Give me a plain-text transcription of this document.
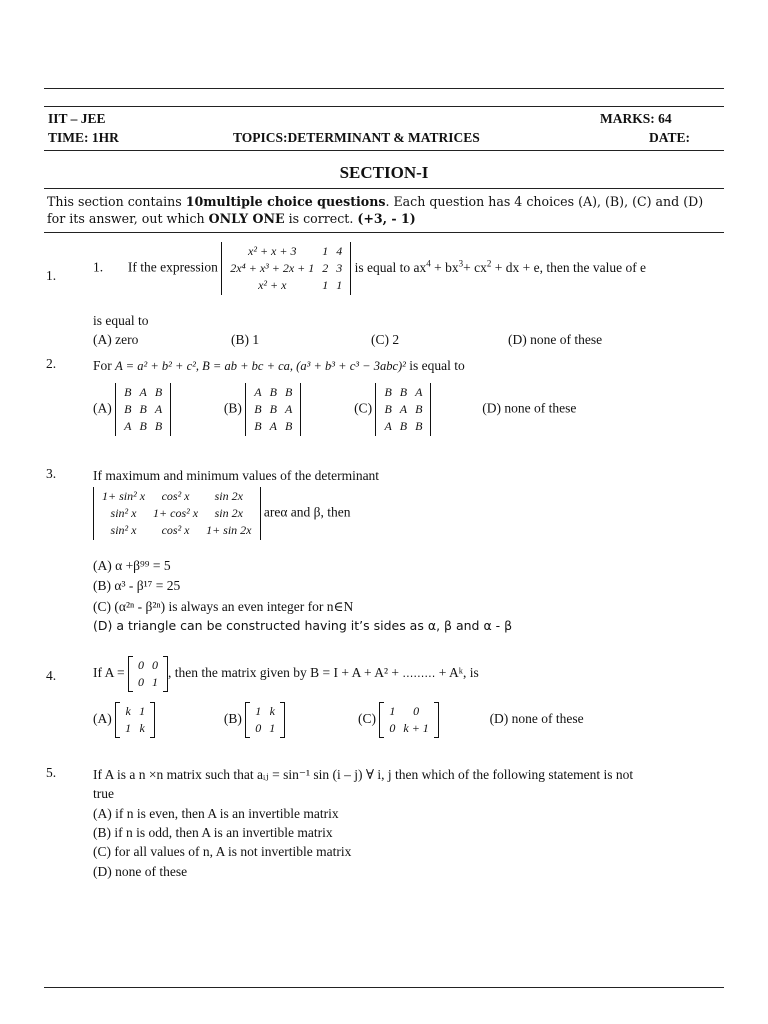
IIT – JEE	MARKS: 64
TIME: 1HR	TOPICS:DETERMINANT & MATRICES	DATE:
SECTION-I
This section contains 10multiple choice questions. Each question has 4 choices (A), (B), (C) and (D) for its answer, out which ONLY ONE is correct. (+3, - 1)
1.
1. If the expression
x² + x + 3	1	4
2x⁴ + x³ + 2x + 1	2	3
x² + x	1	1
is equal to $ax^4 + bx^3+ cx^2$ + dx + e, then the value of e
is equal to
(A) zero	(B) 1	(C) 2	(D) none of these
2.	For A = a² + b² + c², B = ab + bc + ca, (a³ + b³ + c³ − 3abc)² is equal to
(A)
B	A	B
B	B	A
A	B	B
(B)
A	B	B
B	B	A
B	A	B
(C)
B	B	A
B	A	B
A	B	B
(D) none of these
3.	If maximum and minimum values of the determinant
1+ sin² x	cos² x	sin 2x
sin² x	1+ cos² x	sin 2x
sin² x	cos² x	1+ sin 2x
areα and β, then
(A) α +β⁹⁹ = 5
(B) α³ - β¹⁷ = 25
(C) (α²ⁿ - β²ⁿ) is always an even integer for n∈N
(D) a triangle can be constructed having it’s sides as α, β and α - β
4.	If A =
0	0
0	1
, then the matrix given by B = I + A + A² + ……… + Aᵏ, is
(A)
k	1
1	k
(B)
1	k
0	1
(C)
1	0
0	k + 1
(D) none of these
5.	If A is a n ×n matrix such that aᵢⱼ = sin⁻¹ sin (i – j) ∀ i, j then which of the following statement is not
true
(A) if n is even, then A is an invertible matrix
(B) if n is odd, then A is an invertible matrix
(C) for all values of n, A is not invertible matrix
(D) none of these
